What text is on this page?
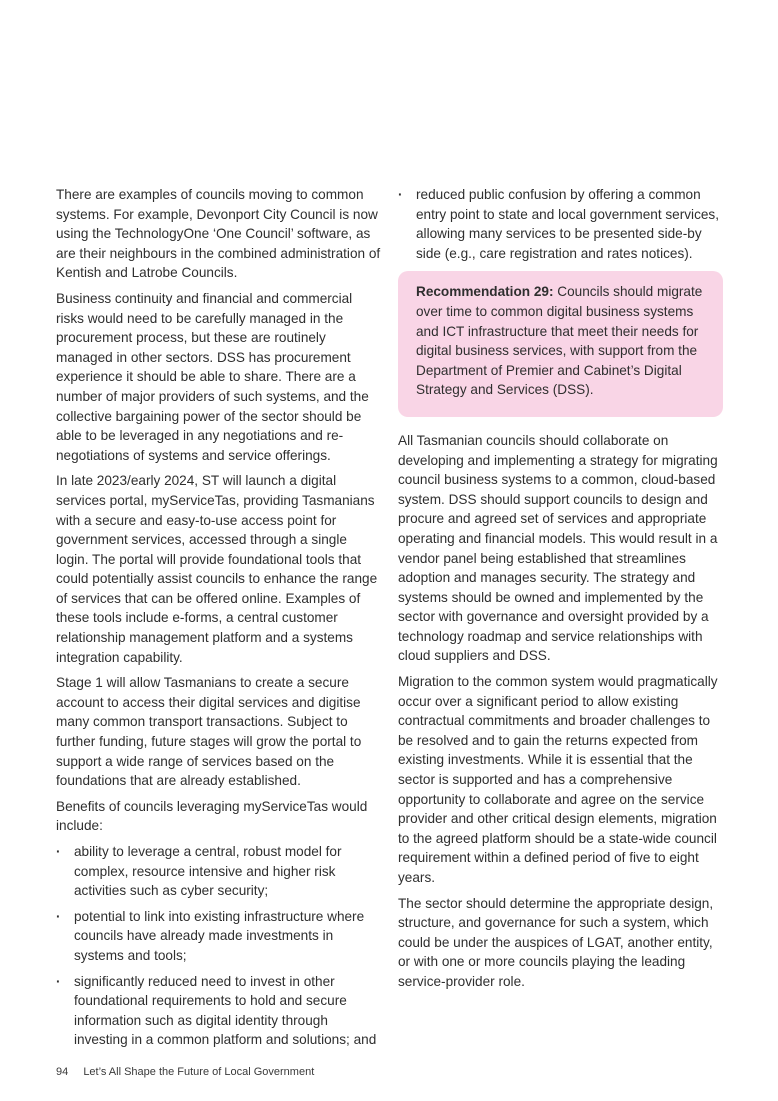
There are examples of councils moving to common systems. For example, Devonport City Council is now using the TechnologyOne ‘One Council’ software, as are their neighbours in the combined administration of Kentish and Latrobe Councils.

Business continuity and financial and commercial risks would need to be carefully managed in the procurement process, but these are routinely managed in other sectors. DSS has procurement experience it should be able to share. There are a number of major providers of such systems, and the collective bargaining power of the sector should be able to be leveraged in any negotiations and re-negotiations of systems and service offerings.

In late 2023/early 2024, ST will launch a digital services portal, myServiceTas, providing Tasmanians with a secure and easy-to-use access point for government services, accessed through a single login. The portal will provide foundational tools that could potentially assist councils to enhance the range of services that can be offered online. Examples of these tools include e-forms, a central customer relationship management platform and a systems integration capability.

Stage 1 will allow Tasmanians to create a secure account to access their digital services and digitise many common transport transactions. Subject to further funding, future stages will grow the portal to support a wide range of services based on the foundations that are already established.

Benefits of councils leveraging myServiceTas would include:

· ability to leverage a central, robust model for complex, resource intensive and higher risk activities such as cyber security;
· potential to link into existing infrastructure where councils have already made investments in systems and tools;
· significantly reduced need to invest in other foundational requirements to hold and secure information such as digital identity through investing in a common platform and solutions; and
· reduced public confusion by offering a common entry point to state and local government services, allowing many services to be presented side-by side (e.g., care registration and rates notices).
Recommendation 29: Councils should migrate over time to common digital business systems and ICT infrastructure that meet their needs for digital business services, with support from the Department of Premier and Cabinet’s Digital Strategy and Services (DSS).

All Tasmanian councils should collaborate on developing and implementing a strategy for migrating council business systems to a common, cloud-based system. DSS should support councils to design and procure and agreed set of services and appropriate operating and financial models. This would result in a vendor panel being established that streamlines adoption and manages security. The strategy and systems should be owned and implemented by the sector with governance and oversight provided by a technology roadmap and service relationships with cloud suppliers and DSS.

Migration to the common system would pragmatically occur over a significant period to allow existing contractual commitments and broader challenges to be resolved and to gain the returns expected from existing investments. While it is essential that the sector is supported and has a comprehensive opportunity to collaborate and agree on the service provider and other critical design elements, migration to the agreed platform should be a state-wide council requirement within a defined period of five to eight years.

The sector should determine the appropriate design, structure, and governance for such a system, which could be under the auspices of LGAT, another entity, or with one or more councils playing the leading service-provider role.

94 Let’s All Shape the Future of Local Government
